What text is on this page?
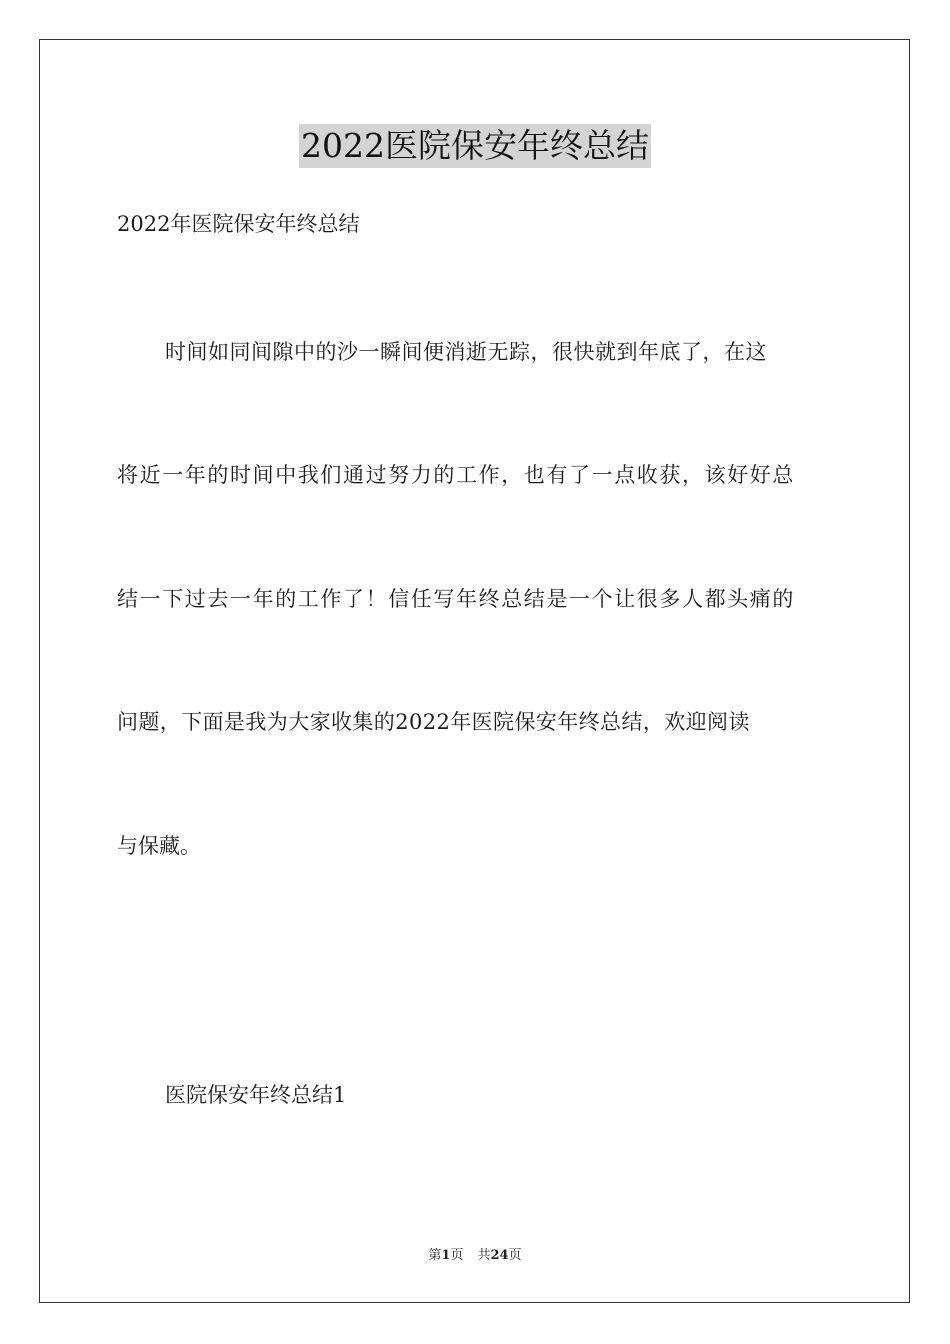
2022医院保安年终总结
2022年医院保安年终总结
时间如同间隙中的沙一瞬间便消逝无踪，很快就到年底了，在这
将近一年的时间中我们通过努力的工作，也有了一点收获，该好好总
结一下过去一年的工作了！信任写年终总结是一个让很多人都头痛的
问题，下面是我为大家收集的2022年医院保安年终总结，欢迎阅读
与保藏。
医院保安年终总结1
第1页 共24页
